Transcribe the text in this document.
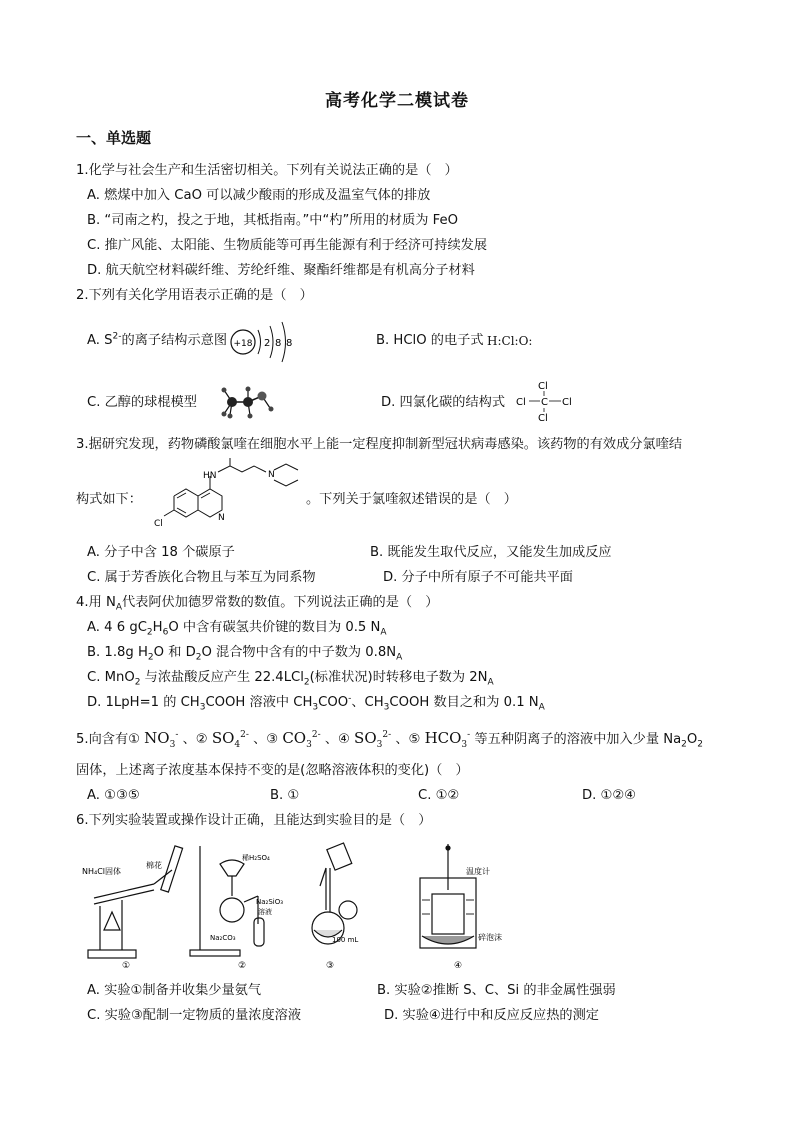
高考化学二模试卷
一、单选题
1.化学与社会生产和生活密切相关。下列有关说法正确的是（　）
A. 燃煤中加入 CaO 可以减少酸雨的形成及温室气体的排放
B. “司南之杓，投之于地，其柢指南。”中“杓”所用的材质为 FeO
C. 推广风能、太阳能、生物质能等可再生能源有利于经济可持续发展
D. 航天航空材料碳纤维、芳纶纤维、聚酯纤维都是有机高分子材料
2.下列有关化学用语表示正确的是（　）
A. $S^{2-}$的离子结构示意图 +18 2 8 8	B. HClO 的电子式 H:Cl:O:
C. 乙醇的球棍模型	D. 四氯化碳的结构式
Cl
Cl C Cl
Cl
3.据研究发现，药物磷酸氯喹在细胞水平上能一定程度抑制新型冠状病毒感染。该药物的有效成分氯喹结
构式如下：
HN	N
N
Cl
。下列关于氯喹叙述错误的是（　）
A. 分子中含 18 个碳原子	B. 既能发生取代反应，又能发生加成反应
C. 属于芳香族化合物且与苯互为同系物	D. 分子中所有原子不可能共平面
4.用 $N_A$代表阿伏加德罗常数的数值。下列说法正确的是（　）
A. 4 6 $gC_2H_6O$ 中含有碳氢共价键的数目为 0.5 $N_A$
B. 1.8g $H_2O$ 和 $D_2O$ 混合物中含有的中子数为 $0.8N_A$
C. MnO$_2$ 与浓盐酸反应产生 22.4LCl$_2$(标准状况)时转移电子数为 $2N_A$
D. 1LpH=1 的 $CH_3COOH$ 溶液中 $CH_3COO^-$、$CH_3COOH$ 数目之和为 0.1 $N_A$
5.向含有① $NO_3^-$ 、② $SO_4^{2-}$ 、③ $CO_3^{2-}$ 、④ $SO_3^{2-}$ 、⑤ $HCO_3^-$ 等五种阴离子的溶液中加入少量 $Na_2O_2$
固体，上述离子浓度基本保持不变的是(忽略溶液体积的变化)（　）
A. ①③⑤	B. ①	C. ①②	D. ①②④
6.下列实验装置或操作设计正确，且能达到实验目的是（　）
NH₄Cl固体
棉花
①
稀H₂SO₄
Na₂SiO₃
溶液
Na₂CO₃
②
100 mL
③
温度计
碎泡沫
④
A. 实验①制备并收集少量氨气	B. 实验②推断 S、C、Si 的非金属性强弱
C. 实验③配制一定物质的量浓度溶液	D. 实验④进行中和反应反应热的测定
